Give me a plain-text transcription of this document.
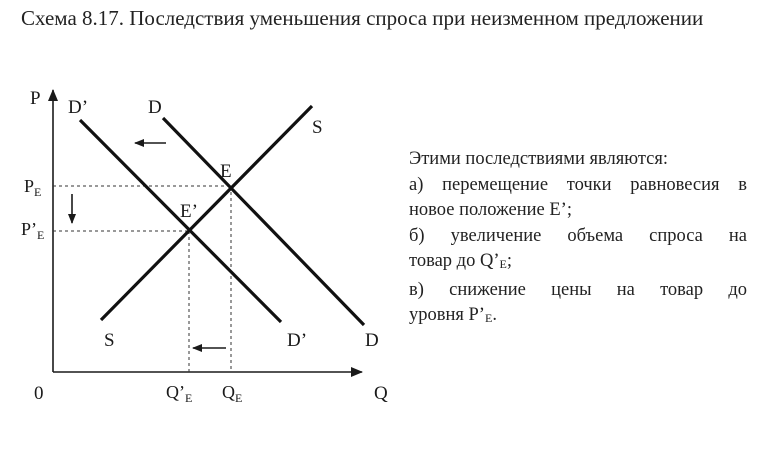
Схема 8.17. Последствия уменьшения спроса при неизменном предложении
P
Q
0
D’	D
S
S	D’	D
E
E’
$P_E$
$P’_E$
$Q’_E$ $Q_E$
Этими последствиями являются:
а) перемещение точки равновесия в
новое положение E’;
б) увеличение объема спроса на
товар до $Q’_E$;
в) снижение цены на товар до
уровня $P’_E$.
